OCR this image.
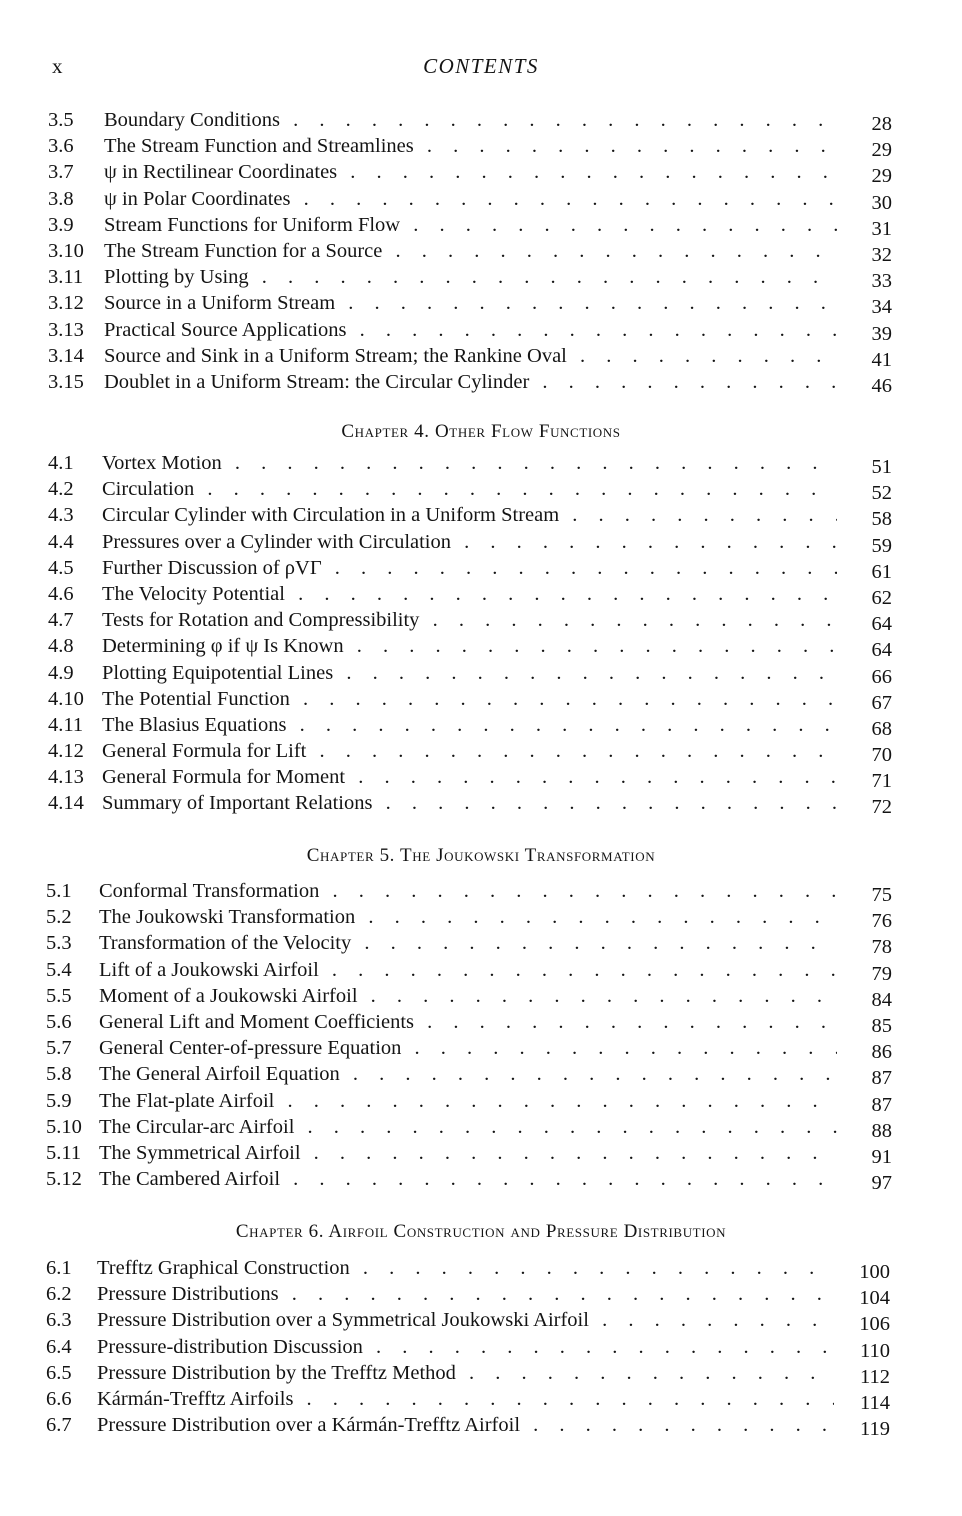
x	CONTENTS
3.5 Boundary Conditions . . .	28
3.6 The Stream Function and Streamlines . . .	29
3.7 ψ in Rectilinear Coordinates . . .	29
3.8 ψ in Polar Coordinates . . .	30
3.9 Stream Functions for Uniform Flow . . .	31
3.10 The Stream Function for a Source . . .	32
3.11 Plotting by Using . . .	33
3.12 Source in a Uniform Stream . . .	34
3.13 Practical Source Applications . . .	39
3.14 Source and Sink in a Uniform Stream; the Rankine Oval . . .	41
3.15 Doublet in a Uniform Stream: the Circular Cylinder . . .	46
Chapter 4. Other Flow Functions
4.1 Vortex Motion . . .	51
4.2 Circulation . . .	52
4.3 Circular Cylinder with Circulation in a Uniform Stream . . .	58
4.4 Pressures over a Cylinder with Circulation . . .	59
4.5 Further Discussion of ρVΓ . . .	61
4.6 The Velocity Potential . . .	62
4.7 Tests for Rotation and Compressibility . . .	64
4.8 Determining φ if ψ Is Known . . .	64
4.9 Plotting Equipotential Lines . . .	66
4.10 The Potential Function . . .	67
4.11 The Blasius Equations . . .	68
4.12 General Formula for Lift . . .	70
4.13 General Formula for Moment . . .	71
4.14 Summary of Important Relations . . .	72
Chapter 5. The Joukowski Transformation
5.1 Conformal Transformation . . .	75
5.2 The Joukowski Transformation . . .	76
5.3 Transformation of the Velocity . . .	78
5.4 Lift of a Joukowski Airfoil . . .	79
5.5 Moment of a Joukowski Airfoil . . .	84
5.6 General Lift and Moment Coefficients . . .	85
5.7 General Center-of-pressure Equation . . .	86
5.8 The General Airfoil Equation . . .	87
5.9 The Flat-plate Airfoil . . .	87
5.10 The Circular-arc Airfoil . . .	88
5.11 The Symmetrical Airfoil . . .	91
5.12 The Cambered Airfoil . . .	97
Chapter 6. Airfoil Construction and Pressure Distribution
6.1 Trefftz Graphical Construction . . .	100
6.2 Pressure Distributions . . .	104
6.3 Pressure Distribution over a Symmetrical Joukowski Airfoil . . .	106
6.4 Pressure-distribution Discussion . . .	110
6.5 Pressure Distribution by the Trefftz Method . . .	112
6.6 Kármán-Trefftz Airfoils . . .	114
6.7 Pressure Distribution over a Kármán-Trefftz Airfoil . . .	119
